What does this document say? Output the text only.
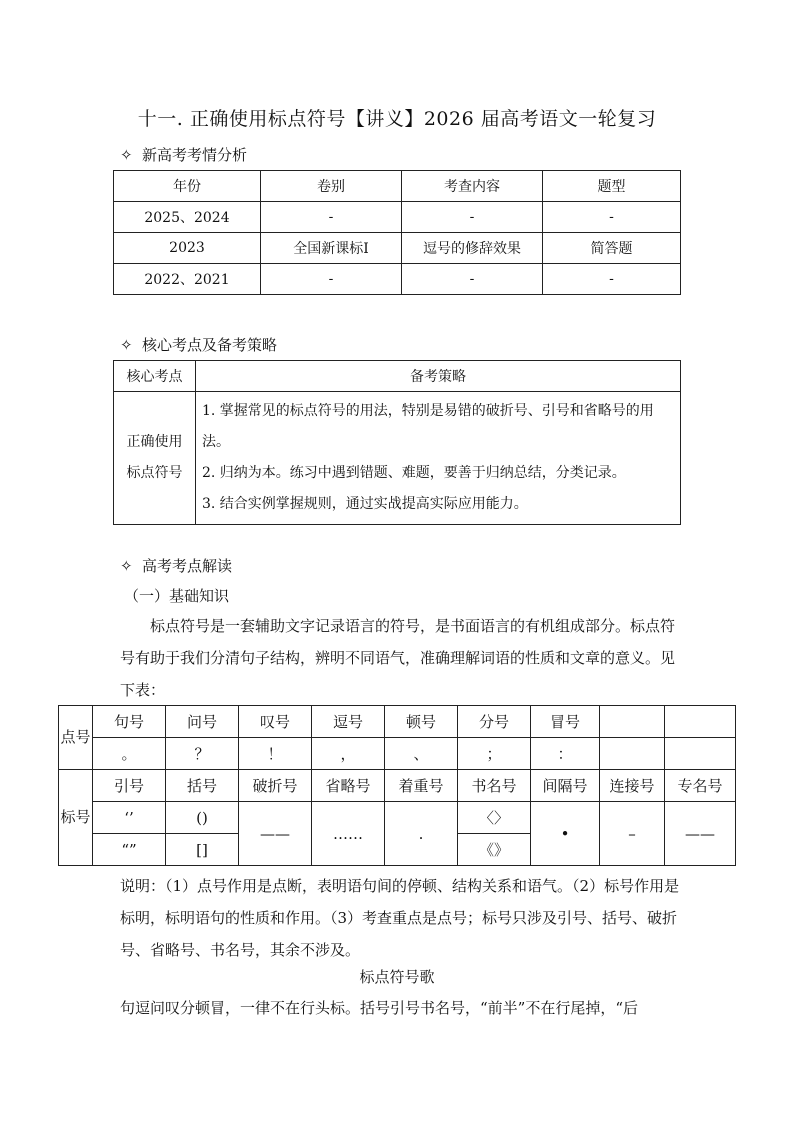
十一. 正确使用标点符号【讲义】2026 届高考语文一轮复习
✧ 新高考考情分析
年份	卷别	考查内容	题型
2025、2024	-	-	-
2023	全国新课标I	逗号的修辞效果	简答题
2022、2021	-	-	-
✧ 核心考点及备考策略
核心考点	备考策略
正确使用标点符号	1. 掌握常见的标点符号的用法，特别是易错的破折号、引号和省略号的用法。
2. 归纳为本。练习中遇到错题、难题，要善于归纳总结，分类记录。
3. 结合实例掌握规则，通过实战提高实际应用能力。
✧ 高考考点解读
（一）基础知识
标点符号是一套辅助文字记录语言的符号，是书面语言的有机组成部分。标点符号有助于我们分清句子结构，辨明不同语气，准确理解词语的性质和文章的意义。见下表：
点号	句号	问号	叹号	逗号	顿号	分号	冒号		
	。	？	！	，	、	；	：		
标号	引号	括号	破折号	省略号	着重号	书名号	间隔号	连接号	专名号
	‘’	()	——	……	.	〈〉	•	–	——
	“”	[]				《》			
说明：（1）点号作用是点断，表明语句间的停顿、结构关系和语气。（2）标号作用是标明，标明语句的性质和作用。（3）考查重点是点号；标号只涉及引号、括号、破折号、省略号、书名号，其余不涉及。
标点符号歌
句逗问叹分顿冒，一律不在行头标。括号引号书名号，“前半”不在行尾掉，“后
